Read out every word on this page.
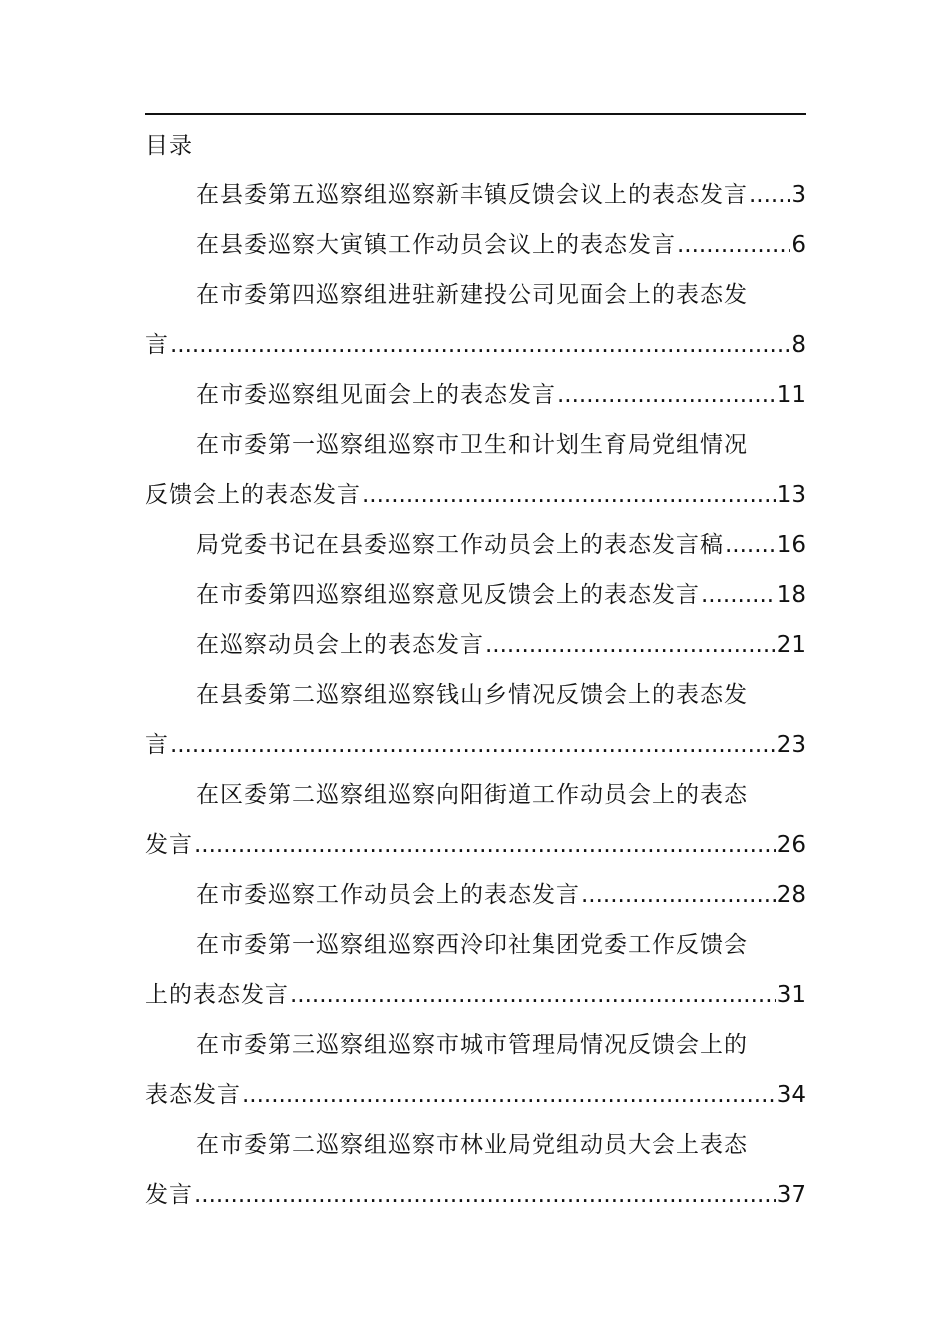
目录
在县委第五巡察组巡察新丰镇反馈会议上的表态发言 ..... 3
在县委巡察大寅镇工作动员会议上的表态发言 .....	6
在市委第四巡察组进驻新建投公司见面会上的表态发
言 .....	8
在市委巡察组见面会上的表态发言 .....	11
在市委第一巡察组巡察市卫生和计划生育局党组情况
反馈会上的表态发言 .....	13
局党委书记在县委巡察工作动员会上的表态发言稿 ..... 16
在市委第四巡察组巡察意见反馈会上的表态发言 .....	18
在巡察动员会上的表态发言 .....	21
在县委第二巡察组巡察钱山乡情况反馈会上的表态发
言 .....	23
在区委第二巡察组巡察向阳街道工作动员会上的表态
发言 .....	26
在市委巡察工作动员会上的表态发言 .....	28
在市委第一巡察组巡察西泠印社集团党委工作反馈会
上的表态发言 .....	31
在市委第三巡察组巡察市城市管理局情况反馈会上的
表态发言 .....	34
在市委第二巡察组巡察市林业局党组动员大会上表态
发言 .....	37
